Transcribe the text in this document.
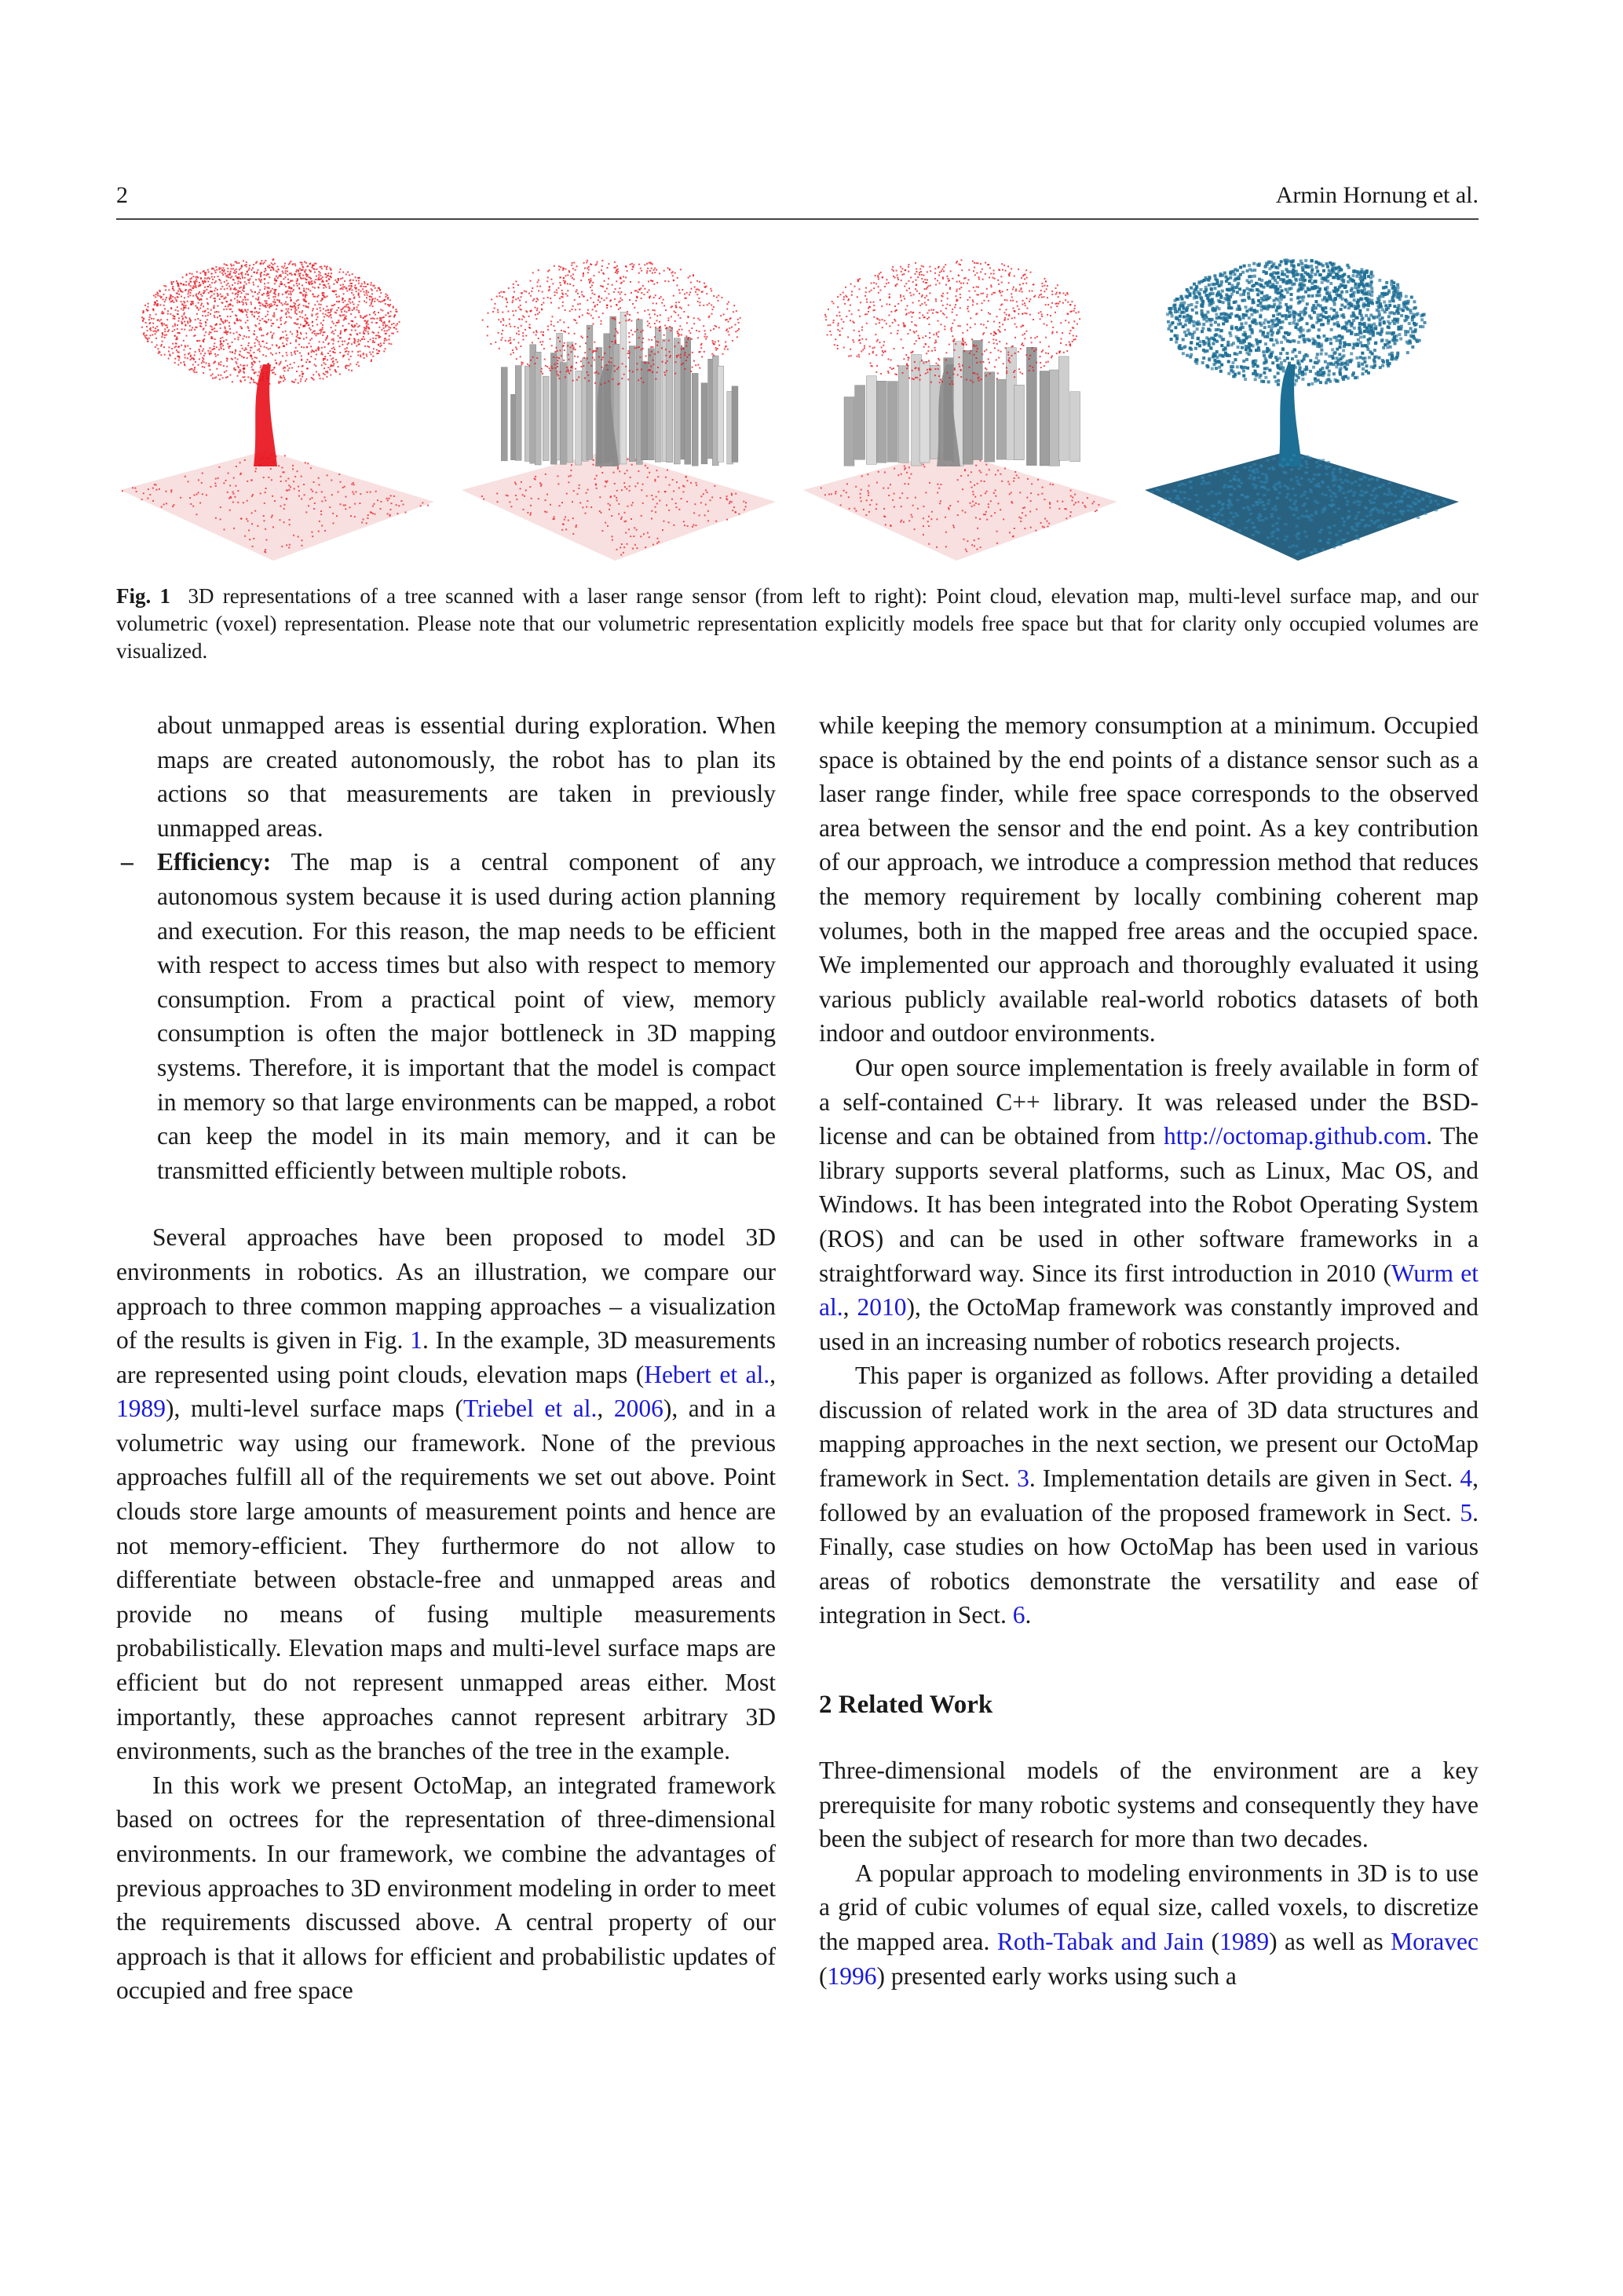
2	Armin Hornung et al.
Fig. 1 3D representations of a tree scanned with a laser range sensor (from left to right): Point cloud, elevation map, multi-level surface map, and our volumetric (voxel) representation. Please note that our volumetric representation explicitly models free space but that for clarity only occupied volumes are visualized.

about unmapped areas is essential during exploration. When maps are created autonomously, the robot has to plan its actions so that measurements are taken in previously unmapped areas.

– Efficiency: The map is a central component of any autonomous system because it is used during action planning and execution. For this reason, the map needs to be efficient with respect to access times but also with respect to memory consumption. From a practical point of view, memory consumption is often the major bottleneck in 3D mapping systems. Therefore, it is important that the model is compact in memory so that large environments can be mapped, a robot can keep the model in its main memory, and it can be transmitted efficiently between multiple robots.

Several approaches have been proposed to model 3D environments in robotics. As an illustration, we compare our approach to three common mapping approaches – a visualization of the results is given in Fig. 1. In the example, 3D measurements are represented using point clouds, elevation maps (Hebert et al., 1989), multi-level surface maps (Triebel et al., 2006), and in a volumetric way using our framework. None of the previous approaches fulfill all of the requirements we set out above. Point clouds store large amounts of measurement points and hence are not memory-efficient. They furthermore do not allow to differentiate between obstacle-free and unmapped areas and provide no means of fusing multiple measurements probabilistically. Elevation maps and multi-level surface maps are efficient but do not represent unmapped areas either. Most importantly, these approaches cannot represent arbitrary 3D environments, such as the branches of the tree in the example.

In this work we present OctoMap, an integrated framework based on octrees for the representation of three-dimensional environments. In our framework, we combine the advantages of previous approaches to 3D environment modeling in order to meet the requirements discussed above. A central property of our approach is that it allows for efficient and probabilistic updates of occupied and free space

while keeping the memory consumption at a minimum. Occupied space is obtained by the end points of a distance sensor such as a laser range finder, while free space corresponds to the observed area between the sensor and the end point. As a key contribution of our approach, we introduce a compression method that reduces the memory requirement by locally combining coherent map volumes, both in the mapped free areas and the occupied space. We implemented our approach and thoroughly evaluated it using various publicly available real-world robotics datasets of both indoor and outdoor environments.

Our open source implementation is freely available in form of a self-contained C++ library. It was released under the BSD-license and can be obtained from http://octomap.github.com. The library supports several platforms, such as Linux, Mac OS, and Windows. It has been integrated into the Robot Operating System (ROS) and can be used in other software frameworks in a straightforward way. Since its first introduction in 2010 (Wurm et al., 2010), the OctoMap framework was constantly improved and used in an increasing number of robotics research projects.

This paper is organized as follows. After providing a detailed discussion of related work in the area of 3D data structures and mapping approaches in the next section, we present our OctoMap framework in Sect. 3. Implementation details are given in Sect. 4, followed by an evaluation of the proposed framework in Sect. 5. Finally, case studies on how OctoMap has been used in various areas of robotics demonstrate the versatility and ease of integration in Sect. 6.

2 Related Work

Three-dimensional models of the environment are a key prerequisite for many robotic systems and consequently they have been the subject of research for more than two decades.

A popular approach to modeling environments in 3D is to use a grid of cubic volumes of equal size, called voxels, to discretize the mapped area. Roth-Tabak and Jain (1989) as well as Moravec (1996) presented early works using such a
